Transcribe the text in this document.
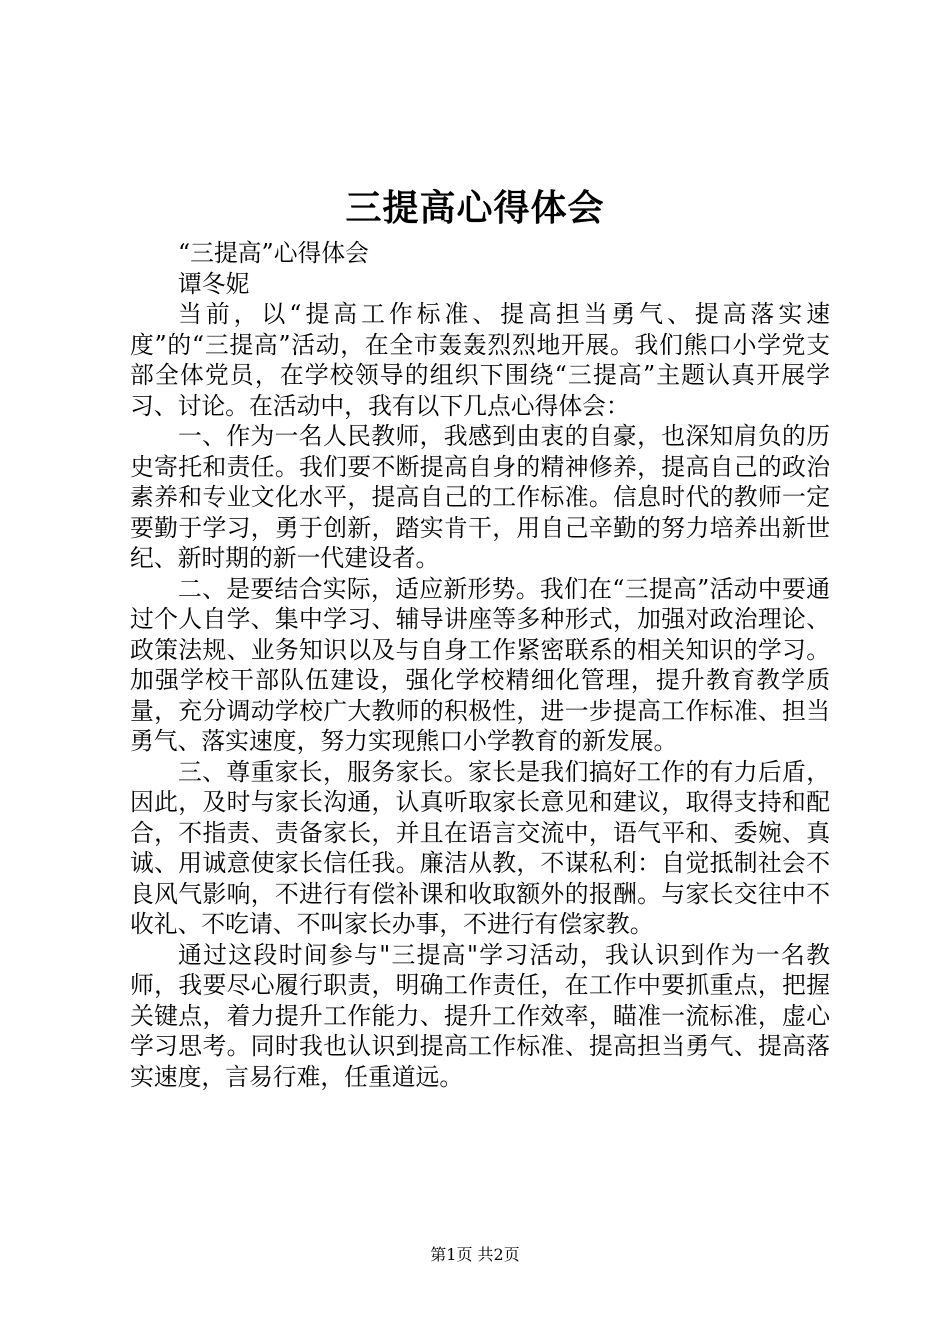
三提高心得体会

“三提高”心得体会

谭冬妮

当前，以“提高工作标准、提高担当勇气、提高落实速度”的“三提高”活动，在全市轰轰烈烈地开展。我们熊口小学党支部全体党员，在学校领导的组织下围绕“三提高”主题认真开展学习、讨论。在活动中，我有以下几点心得体会：

一、作为一名人民教师，我感到由衷的自豪，也深知肩负的历史寄托和责任。我们要不断提高自身的精神修养，提高自己的政治素养和专业文化水平，提高自己的工作标准。信息时代的教师一定要勤于学习，勇于创新，踏实肯干，用自己辛勤的努力培养出新世纪、新时期的新一代建设者。

二、是要结合实际，适应新形势。我们在“三提高”活动中要通过个人自学、集中学习、辅导讲座等多种形式，加强对政治理论、政策法规、业务知识以及与自身工作紧密联系的相关知识的学习。加强学校干部队伍建设，强化学校精细化管理，提升教育教学质量，充分调动学校广大教师的积极性，进一步提高工作标准、担当勇气、落实速度，努力实现熊口小学教育的新发展。

三、尊重家长，服务家长。家长是我们搞好工作的有力后盾，因此，及时与家长沟通，认真听取家长意见和建议，取得支持和配合，不指责、责备家长，并且在语言交流中，语气平和、委婉、真诚、用诚意使家长信任我。廉洁从教，不谋私利：自觉抵制社会不良风气影响，不进行有偿补课和收取额外的报酬。与家长交往中不收礼、不吃请、不叫家长办事，不进行有偿家教。

通过这段时间参与"三提高"学习活动，我认识到作为一名教师，我要尽心履行职责，明确工作责任，在工作中要抓重点，把握关键点，着力提升工作能力、提升工作效率，瞄准一流标准，虚心学习思考。同时我也认识到提高工作标准、提高担当勇气、提高落实速度，言易行难，任重道远。

第1页 共2页
